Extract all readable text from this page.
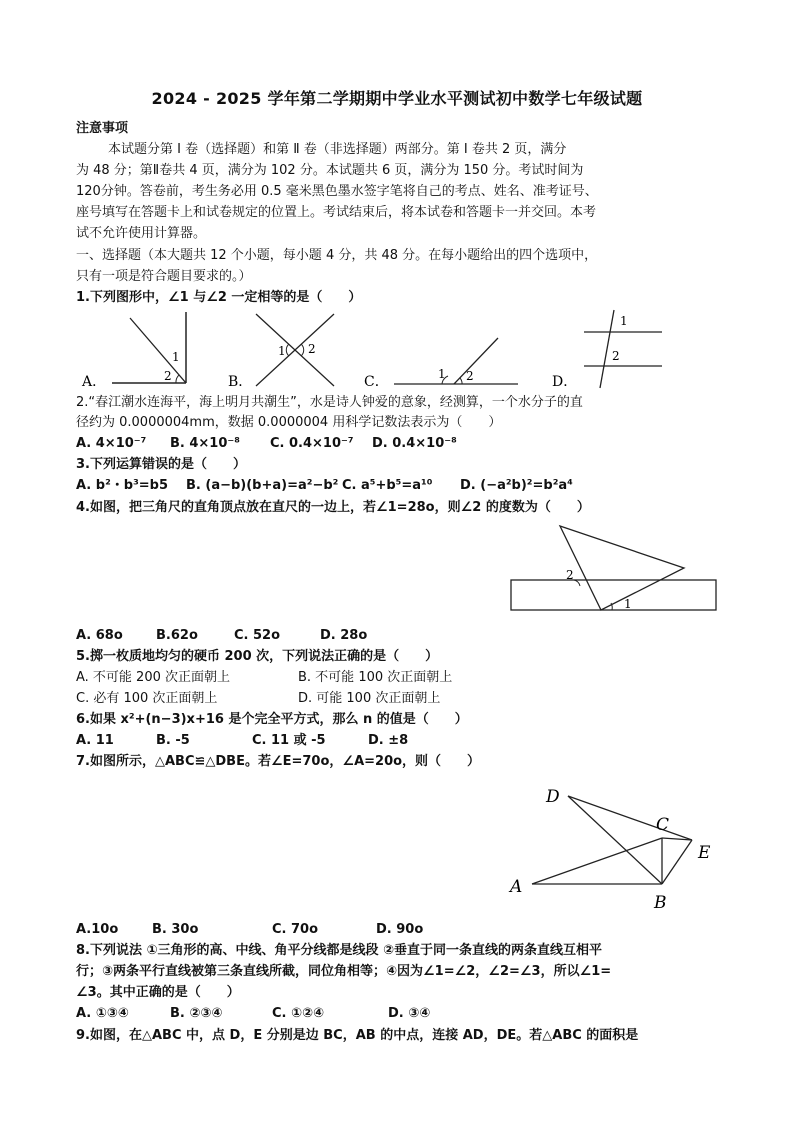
2024 - 2025 学年第二学期期中学业水平测试初中数学七年级试题
注意事项
本试题分第 Ⅰ 卷（选择题）和第 Ⅱ 卷（非选择题）两部分。第 Ⅰ 卷共 2 页，满分
为 48 分；第Ⅱ卷共 4 页，满分为 102 分。本试题共 6 页，满分为 150 分。考试时间为
120分钟。答卷前，考生务必用 0.5 毫米黑色墨水签字笔将自己的考点、姓名、准考证号、
座号填写在答题卡上和试卷规定的位置上。考试结束后，将本试卷和答题卡一并交回。本考
试不允许使用计算器。
一、选择题（本大题共 12 个小题，每小题 4 分，共 48 分。在每小题给出的四个选项中，
只有一项是符合题目要求的。）
1.下列图形中，∠1 与∠2 一定相等的是（　　）
A．
1
2	B．
1 2
C．	1 2	D．
1
2
2.“春江潮水连海平，海上明月共潮生”，水是诗人钟爱的意象，经测算，一个水分子的直
径约为 0.0000004mm，数据 0.0000004 用科学记数法表示为（　　）
A. 4×10⁻⁷ B. 4×10⁻⁸ C. 0.4×10⁻⁷ D. 0.4×10⁻⁸
3.下列运算错误的是（　　）
A. b²・b³=b5 B. (a−b)(b+a)=a²−b² C. a⁵+b⁵=a¹⁰ D. (−a²b)²=b²a⁴
4.如图，把三角尺的直角顶点放在直尺的一边上，若∠1=28o，则∠2 的度数为（　　）
2
1
A. 68o	B.62o	C. 52o	D. 28o
5.掷一枚质地均匀的硬币 200 次，下列说法正确的是（　　）
A. 不可能 200 次正面朝上	B. 不可能 100 次正面朝上
C. 必有 100 次正面朝上	D. 可能 100 次正面朝上
6.如果 x²+(n−3)x+16 是个完全平方式，那么 n 的值是（　　）
A. 11	B. -5	C. 11 或 -5	D. ±8
7.如图所示，△ABC≌△DBE。若∠E=70o，∠A=20o，则（　　）
D
C
E
A
B
A.10o	B. 30o	C. 70o	D. 90o
8.下列说法 ①三角形的高、中线、角平分线都是线段 ②垂直于同一条直线的两条直线互相平
行；③两条平行直线被第三条直线所截，同位角相等；④因为∠1=∠2，∠2=∠3，所以∠1=
∠3。其中正确的是（　　）
A. ①③④	B. ②③④	C. ①②④	D. ③④
9.如图，在△ABC 中，点 D，E 分别是边 BC，AB 的中点，连接 AD，DE。若△ABC 的面积是
